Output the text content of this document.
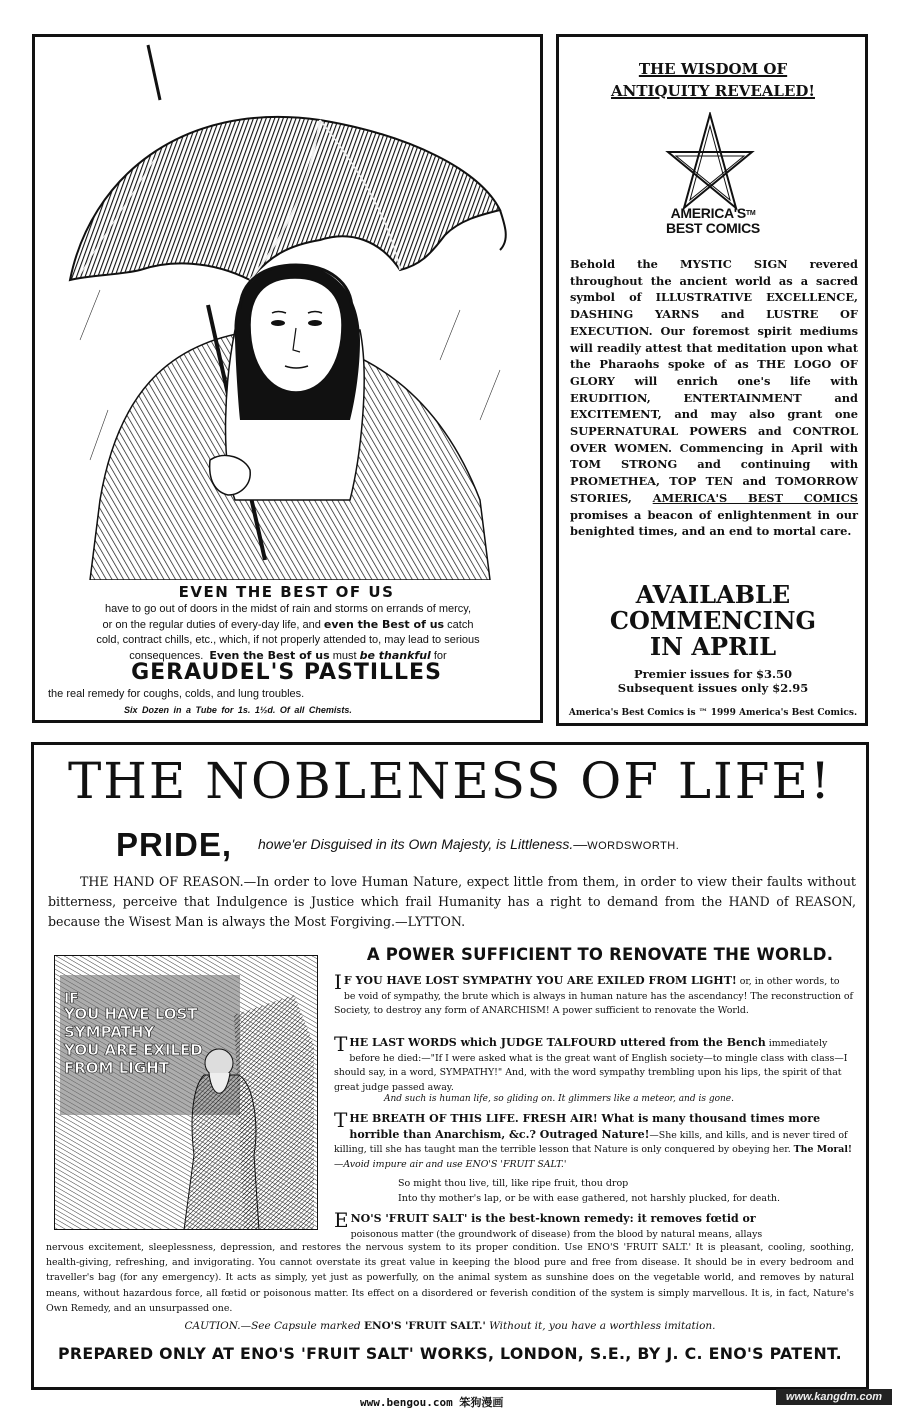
EVEN THE BEST OF US
have to go out of doors in the midst of rain and storms on errands of mercy,
or on the regular duties of every-day life, and even the Best of us catch
cold, contract chills, etc., which, if not properly attended to, may lead to serious
consequences. Even the Best of us must be thankful for
GERAUDEL'S PASTILLES
the real remedy for coughs, colds, and lung troubles.
Six Dozen in a Tube for 1s. 1½d. Of all Chemists.
THE WISDOM OF
ANTIQUITY REVEALED!
AMERICA'S™
BEST COMICS
Behold the MYSTIC SIGN revered throughout the ancient world as a sacred symbol of ILLUSTRATIVE EXCELLENCE, DASHING YARNS and LUSTRE OF EXECUTION. Our foremost spirit mediums will readily attest that meditation upon what the Pharaohs spoke of as THE LOGO OF GLORY will enrich one's life with ERUDITION, ENTERTAINMENT and EXCITEMENT, and may also grant one SUPERNATURAL POWERS and CONTROL OVER WOMEN. Commencing in April with TOM STRONG and continuing with PROMETHEA, TOP TEN and TOMORROW STORIES, AMERICA'S BEST COMICS promises a beacon of enlightenment in our benighted times, and an end to mortal care.
AVAILABLE
COMMENCING
IN APRIL
Premier issues for $3.50
Subsequent issues only $2.95
America's Best Comics is ™ 1999 America's Best Comics.
THE NOBLENESS OF LIFE!
PRIDE, howe'er Disguised in its Own Majesty, is Littleness.—WORDSWORTH.
THE HAND OF REASON.—In order to love Human Nature, expect little from them, in order to view their faults without bitterness, perceive that Indulgence is Justice which frail Humanity has a right to demand from the HAND of REASON, because the Wisest Man is always the Most Forgiving.—LYTTON.
A POWER SUFFICIENT TO RENOVATE THE WORLD.
IF
YOU HAVE LOST
SYMPATHY
YOU ARE EXILED
FROM LIGHT
I F YOU HAVE LOST SYMPATHY YOU ARE EXILED FROM LIGHT! or, in other words, to be void of sympathy, the brute which is always in human nature has the ascendancy! The reconstruction of Society, to destroy any form of ANARCHISM! A power sufficient to renovate the World.
THE LAST WORDS which JUDGE TALFOURD uttered from the Bench immediately before he died:—"If I were asked what is the great want of English society—to mingle class with class—I should say, in a word, SYMPATHY!" And, with the word sympathy trembling upon his lips, the spirit of that great judge passed away.
And such is human life, so gliding on. It glimmers like a meteor, and is gone.
THE BREATH OF THIS LIFE. FRESH AIR! What is many thousand times more horrible than Anarchism, &c.? Outraged Nature!—She kills, and kills, and is never tired of killing, till she has taught man the terrible lesson that Nature is only conquered by obeying her. The Moral!—Avoid impure air and use ENO'S 'FRUIT SALT.'
So might thou live, till, like ripe fruit, thou drop
Into thy mother's lap, or be with ease gathered, not harshly plucked, for death.
ENO'S 'FRUIT SALT' is the best-known remedy: it removes fœtid or
poisonous matter (the groundwork of disease) from the blood by natural means, allays
nervous excitement, sleeplessness, depression, and restores the nervous system to its proper condition. Use ENO'S 'FRUIT SALT.' It is pleasant, cooling, soothing, health-giving, refreshing, and invigorating. You cannot overstate its great value in keeping the blood pure and free from disease. It should be in every bedroom and traveller's bag (for any emergency). It acts as simply, yet just as powerfully, on the animal system as sunshine does on the vegetable world, and removes by natural means, without hazardous force, all fœtid or poisonous matter. Its effect on a disordered or feverish condition of the system is simply marvellous. It is, in fact, Nature's Own Remedy, and an unsurpassed one.
CAUTION.—See Capsule marked ENO'S 'FRUIT SALT.' Without it, you have a worthless imitation.
PREPARED ONLY AT ENO'S 'FRUIT SALT' WORKS, LONDON, S.E., BY J. C. ENO'S PATENT.
www.bengou.com 笨狗漫画	www.kangdm.com
